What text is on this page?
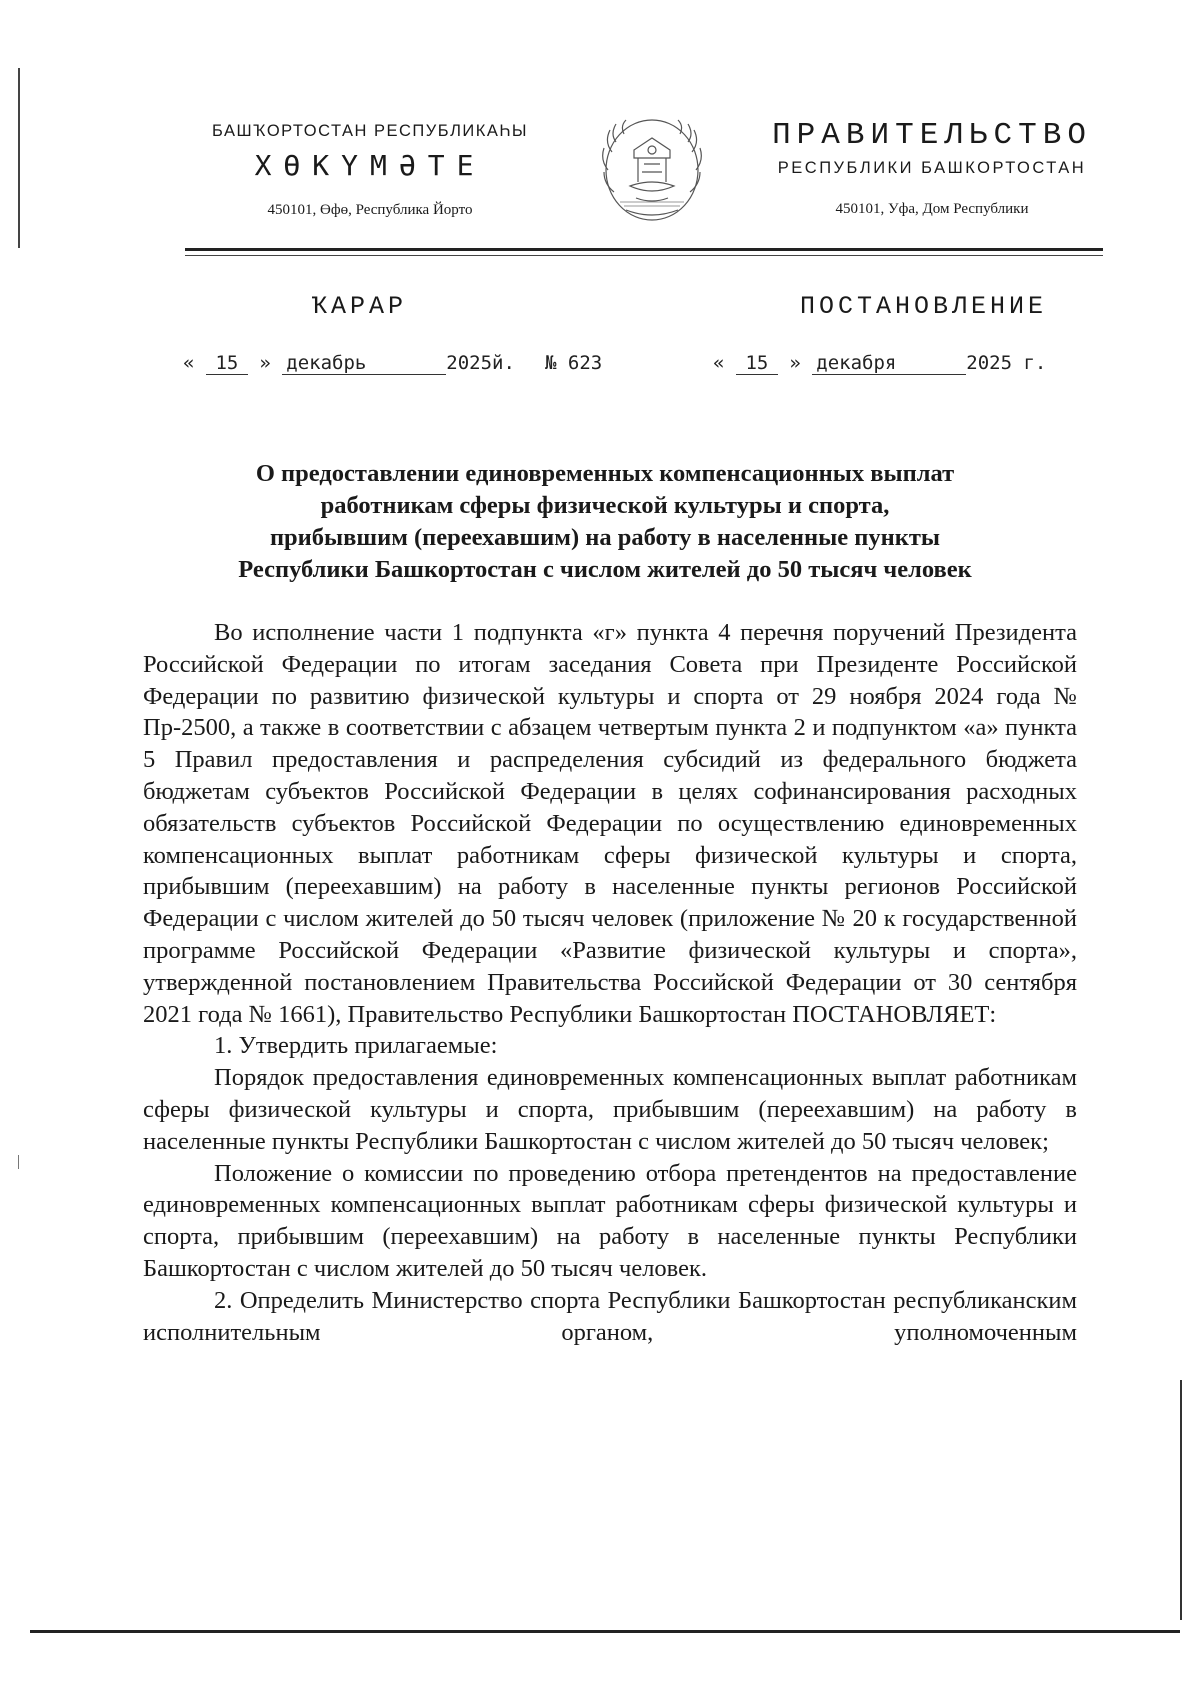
БАШҠОРТОСТАН РЕСПУБЛИКАҺЫ
ХӨКҮМӘТЕ
450101, Өфө, Республика Йорто
ПРАВИТЕЛЬСТВО
РЕСПУБЛИКИ БАШКОРТОСТАН
450101, Уфа, Дом Республики
ҠАРАР	ПОСТАНОВЛЕНИЕ
« 15 » декабрь	2025й. № 623	« 15 » декабря	2025 г.
О предоставлении единовременных компенсационных выплат
работникам сферы физической культуры и спорта,
прибывшим (переехавшим) на работу в населенные пункты
Республики Башкортостан с числом жителей до 50 тысяч человек

Во исполнение части 1 подпункта «г» пункта 4 перечня поручений Президента Российской Федерации по итогам заседания Совета при Президенте Российской Федерации по развитию физической культуры и спорта от 29 ноября 2024 года № Пр-2500, а также в соответствии с абзацем четвертым пункта 2 и подпунктом «а» пункта 5 Правил предоставления и распределения субсидий из федерального бюджета бюджетам субъектов Российской Федерации в целях софинансирования расходных обязательств субъектов Российской Федерации по осуществлению единовременных компенсационных выплат работникам сферы физической культуры и спорта, прибывшим (переехавшим) на работу в населенные пункты регионов Российской Федерации с числом жителей до 50 тысяч человек (приложение № 20 к государственной программе Российской Федерации «Развитие физической культуры и спорта», утвержденной постановлением Правительства Российской Федерации от 30 сентября 2021 года № 1661), Правительство Республики Башкортостан ПОСТАНОВЛЯЕТ:

1. Утвердить прилагаемые:

Порядок предоставления единовременных компенсационных выплат работникам сферы физической культуры и спорта, прибывшим (переехавшим) на работу в населенные пункты Республики Башкортостан с числом жителей до 50 тысяч человек;

Положение о комиссии по проведению отбора претендентов на предоставление единовременных компенсационных выплат работникам сферы физической культуры и спорта, прибывшим (переехавшим) на работу в населенные пункты Республики Башкортостан с числом жителей до 50 тысяч человек.

2. Определить Министерство спорта Республики Башкортостан республиканским исполнительным органом, уполномоченным
